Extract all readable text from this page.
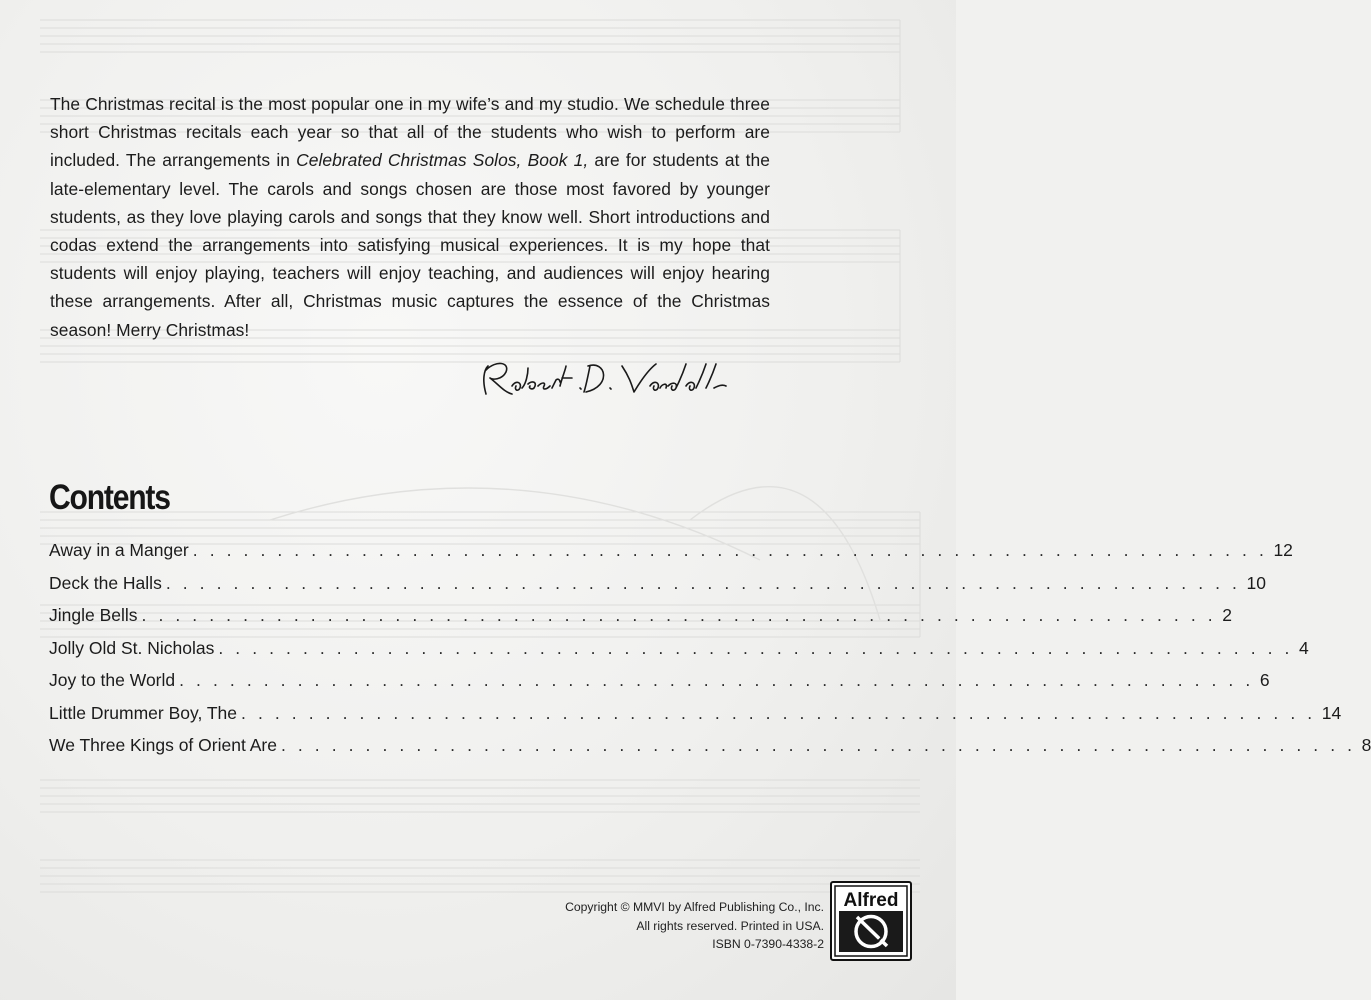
The Christmas recital is the most popular one in my wife’s and my studio. We schedule three short Christmas recitals each year so that all of the students who wish to perform are included. The arrangements in Celebrated Christmas Solos, Book 1, are for students at the late-elementary level. The carols and songs chosen are those most favored by younger students, as they love playing carols and songs that they know well. Short introductions and codas extend the arrangements into satisfying musical experiences. It is my hope that students will enjoy playing, teachers will enjoy teaching, and audiences will enjoy hearing these arrangements. After all, Christmas music captures the essence of the Christmas season! Merry Christmas!
Contents
Away in a Manger . . . . . . . . . . . . . . . . . . . . . . . . . . . . . . . . . . . . . . . . . . . . . . . . . . . . . . . . . . . . . . . . 12
Deck the Halls . . . . . . . . . . . . . . . . . . . . . . . . . . . . . . . . . . . . . . . . . . . . . . . . . . . . . . . . . . . . . . . . 10
Jingle Bells . . . . . . . . . . . . . . . . . . . . . . . . . . . . . . . . . . . . . . . . . . . . . . . . . . . . . . . . . . . . . . . . 2
Jolly Old St. Nicholas . . . . . . . . . . . . . . . . . . . . . . . . . . . . . . . . . . . . . . . . . . . . . . . . . . . . . . . . . . . . . . . . 4
Joy to the World . . . . . . . . . . . . . . . . . . . . . . . . . . . . . . . . . . . . . . . . . . . . . . . . . . . . . . . . . . . . . . . . 6
Little Drummer Boy, The . . . . . . . . . . . . . . . . . . . . . . . . . . . . . . . . . . . . . . . . . . . . . . . . . . . . . . . . . . . . . . . . 14
We Three Kings of Orient Are . . . . . . . . . . . . . . . . . . . . . . . . . . . . . . . . . . . . . . . . . . . . . . . . . . . . . . . . . . . . . . . . 8
Copyright © MMVI by Alfred Publishing Co., Inc.
All rights reserved. Printed in USA.
ISBN 0-7390-4338-2
Alfred
